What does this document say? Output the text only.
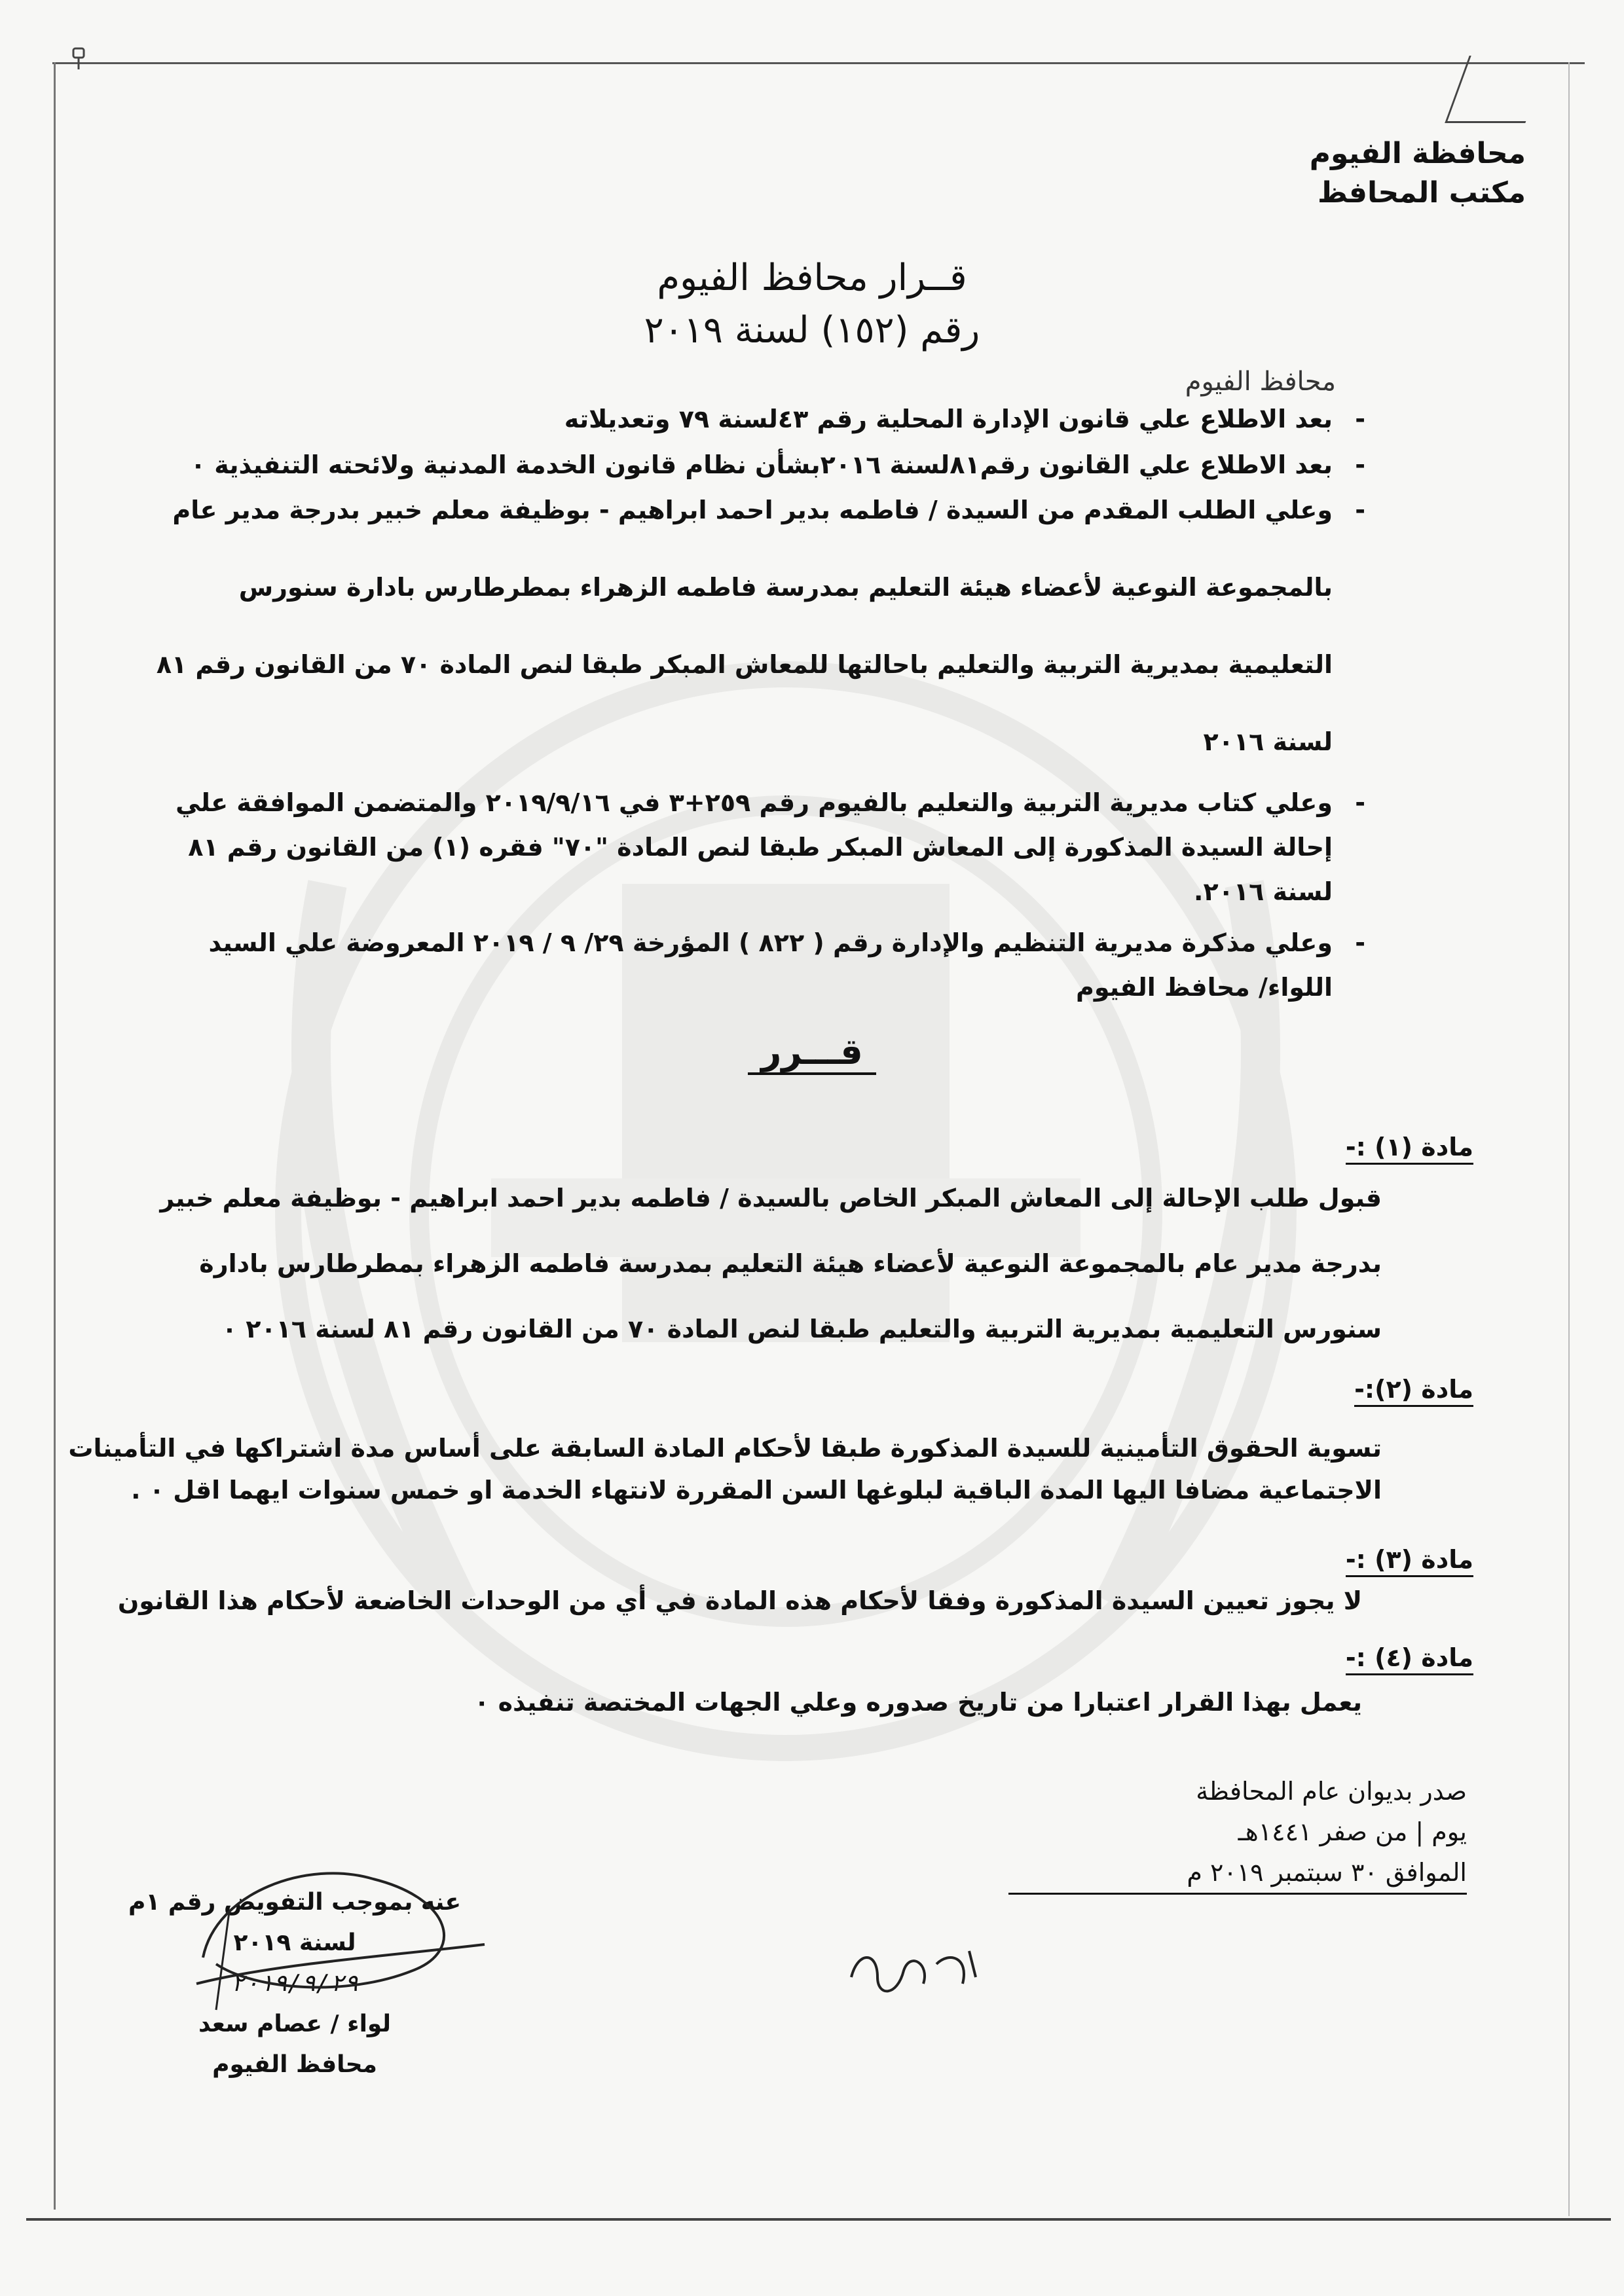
محافظة الفيوم
مكتب المحافظ
قــرار محافظ الفيوم
رقم (١٥٢) لسنة ٢٠١٩
محافظ الفيوم

-
بعد الاطلاع علي قانون الإدارة المحلية رقم ٤٣لسنة ٧٩ وتعديلاته

-
بعد الاطلاع علي القانون رقم٨١لسنة ٢٠١٦بشأن نظام قانون الخدمة المدنية ولائحته التنفيذية ٠

-
وعلي الطلب المقدم من السيدة / فاطمه بدير احمد ابراهيم - بوظيفة معلم خبير بدرجة مدير عام بالمجموعة النوعية لأعضاء هيئة التعليم بمدرسة فاطمه الزهراء بمطرطارس بادارة سنورس التعليمية بمديرية التربية والتعليم باحالتها للمعاش المبكر طبقا لنص المادة ٧٠ من القانون رقم ٨١ لسنة ٢٠١٦

-
وعلي كتاب مديرية التربية والتعليم بالفيوم رقم ٢٥٩+٣ في ٢٠١٩/٩/١٦ والمتضمن الموافقة علي إحالة السيدة المذكورة إلى المعاش المبكر طبقا لنص المادة "٧٠" فقره (١) من القانون رقم ٨١ لسنة ٢٠١٦.

-
وعلي مذكرة مديرية التنظيم والإدارة رقم ( ٨٢٢ ) المؤرخة ٢٩/ ٩ / ٢٠١٩ المعروضة علي السيد اللواء/ محافظ الفيوم

قـــرر
مادة (١) :-
قبول طلب الإحالة إلى المعاش المبكر الخاص بالسيدة / فاطمه بدير احمد ابراهيم - بوظيفة معلم خبير بدرجة مدير عام بالمجموعة النوعية لأعضاء هيئة التعليم بمدرسة فاطمه الزهراء بمطرطارس بادارة سنورس التعليمية بمديرية التربية والتعليم طبقا لنص المادة ٧٠ من القانون رقم ٨١ لسنة ٢٠١٦ ٠
مادة (٢):-
تسوية الحقوق التأمينية للسيدة المذكورة طبقا لأحكام المادة السابقة على أساس مدة اشتراكها في التأمينات الاجتماعية مضافا اليها المدة الباقية لبلوغها السن المقررة لانتهاء الخدمة او خمس سنوات ايهما اقل ٠ .
مادة (٣) :-
لا يجوز تعيين السيدة المذكورة وفقا لأحكام هذه المادة في أي من الوحدات الخاضعة لأحكام هذا القانون
مادة (٤) :-
يعمل بهذا القرار اعتبارا من تاريخ صدوره وعلي الجهات المختصة تنفيذه ٠
صدر بديوان عام المحافظة
يوم | من صفر ١٤٤١هـ
الموافق ٣٠ سبتمبر ٢٠١٩ م
عنه بموجب التفويض رقم ١م لسنة ٢٠١٩
٢٠١٩/٩/٢٩
لواء / عصام سعد
محافظ الفيوم
